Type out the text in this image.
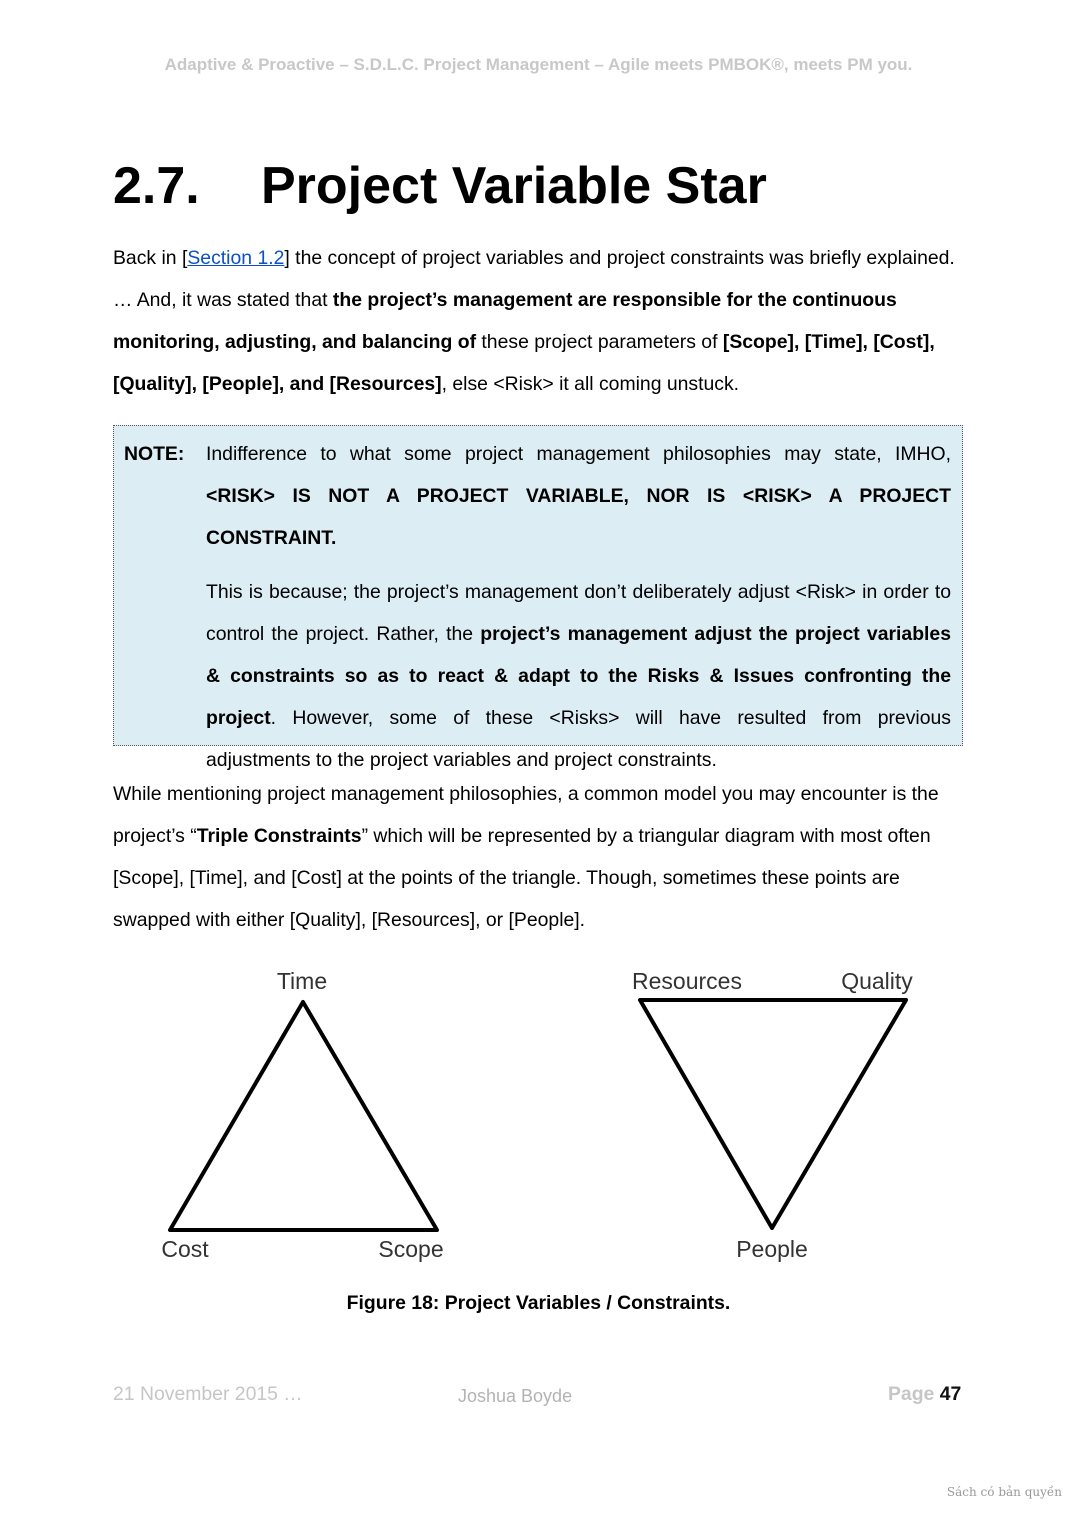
Adaptive & Proactive – S.D.L.C. Project Management – Agile meets PMBOK®, meets PM you.
2.7. Project Variable Star

Back in [Section 1.2] the concept of project variables and project constraints was briefly explained. … And, it was stated that the project’s management are responsible for the continuous monitoring, adjusting, and balancing of these project parameters of [Scope], [Time], [Cost], [Quality], [People], and [Resources], else <Risk> it all coming unstuck.

NOTE: Indifference to what some project management philosophies may state, IMHO, <RISK> IS NOT A PROJECT VARIABLE, NOR IS <RISK> A PROJECT CONSTRAINT.

This is because; the project’s management don’t deliberately adjust <Risk> in order to control the project. Rather, the project’s management adjust the project variables & constraints so as to react & adapt to the Risks & Issues confronting the project. However, some of these <Risks> will have resulted from previous adjustments to the project variables and project constraints.

While mentioning project management philosophies, a common model you may encounter is the project’s “Triple Constraints” which will be represented by a triangular diagram with most often [Scope], [Time], and [Cost] at the points of the triangle. Though, sometimes these points are swapped with either [Quality], [Resources], or [People].

Time
Cost	Scope
Resources	Quality
People
Figure 18: Project Variables / Constraints.
21 November 2015 …	Joshua Boyde	Page 47
Sách có bản quyền
